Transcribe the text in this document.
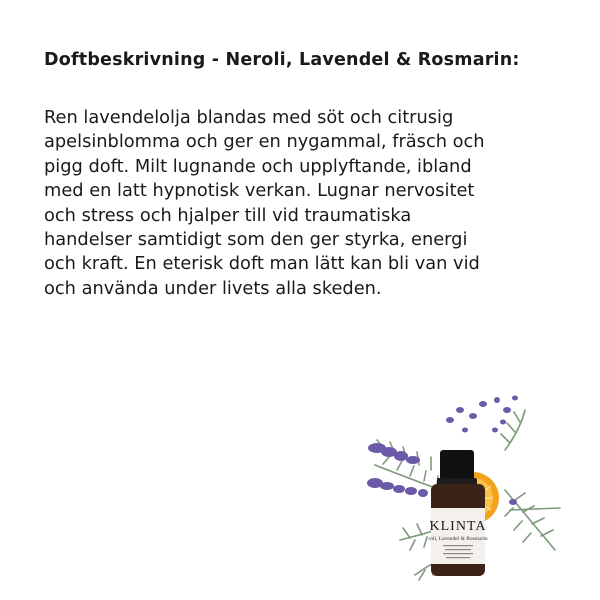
Doftbeskrivning - Neroli, Lavendel & Rosmarin:
Ren lavendelolja blandas med söt och citrusig
apelsinblomma och ger en nygammal, fräsch och
pigg doft. Milt lugnande och upplyftande, ibland
med en latt hypnotisk verkan. Lugnar nervositet
och stress och hjalper till vid traumatiska
handelser samtidigt som den ger styrka, energi
och kraft. En eterisk doft man lätt kan bli van vid
och använda under livets alla skeden.
KLINTA
roli, Lavendel & Rosmarin
